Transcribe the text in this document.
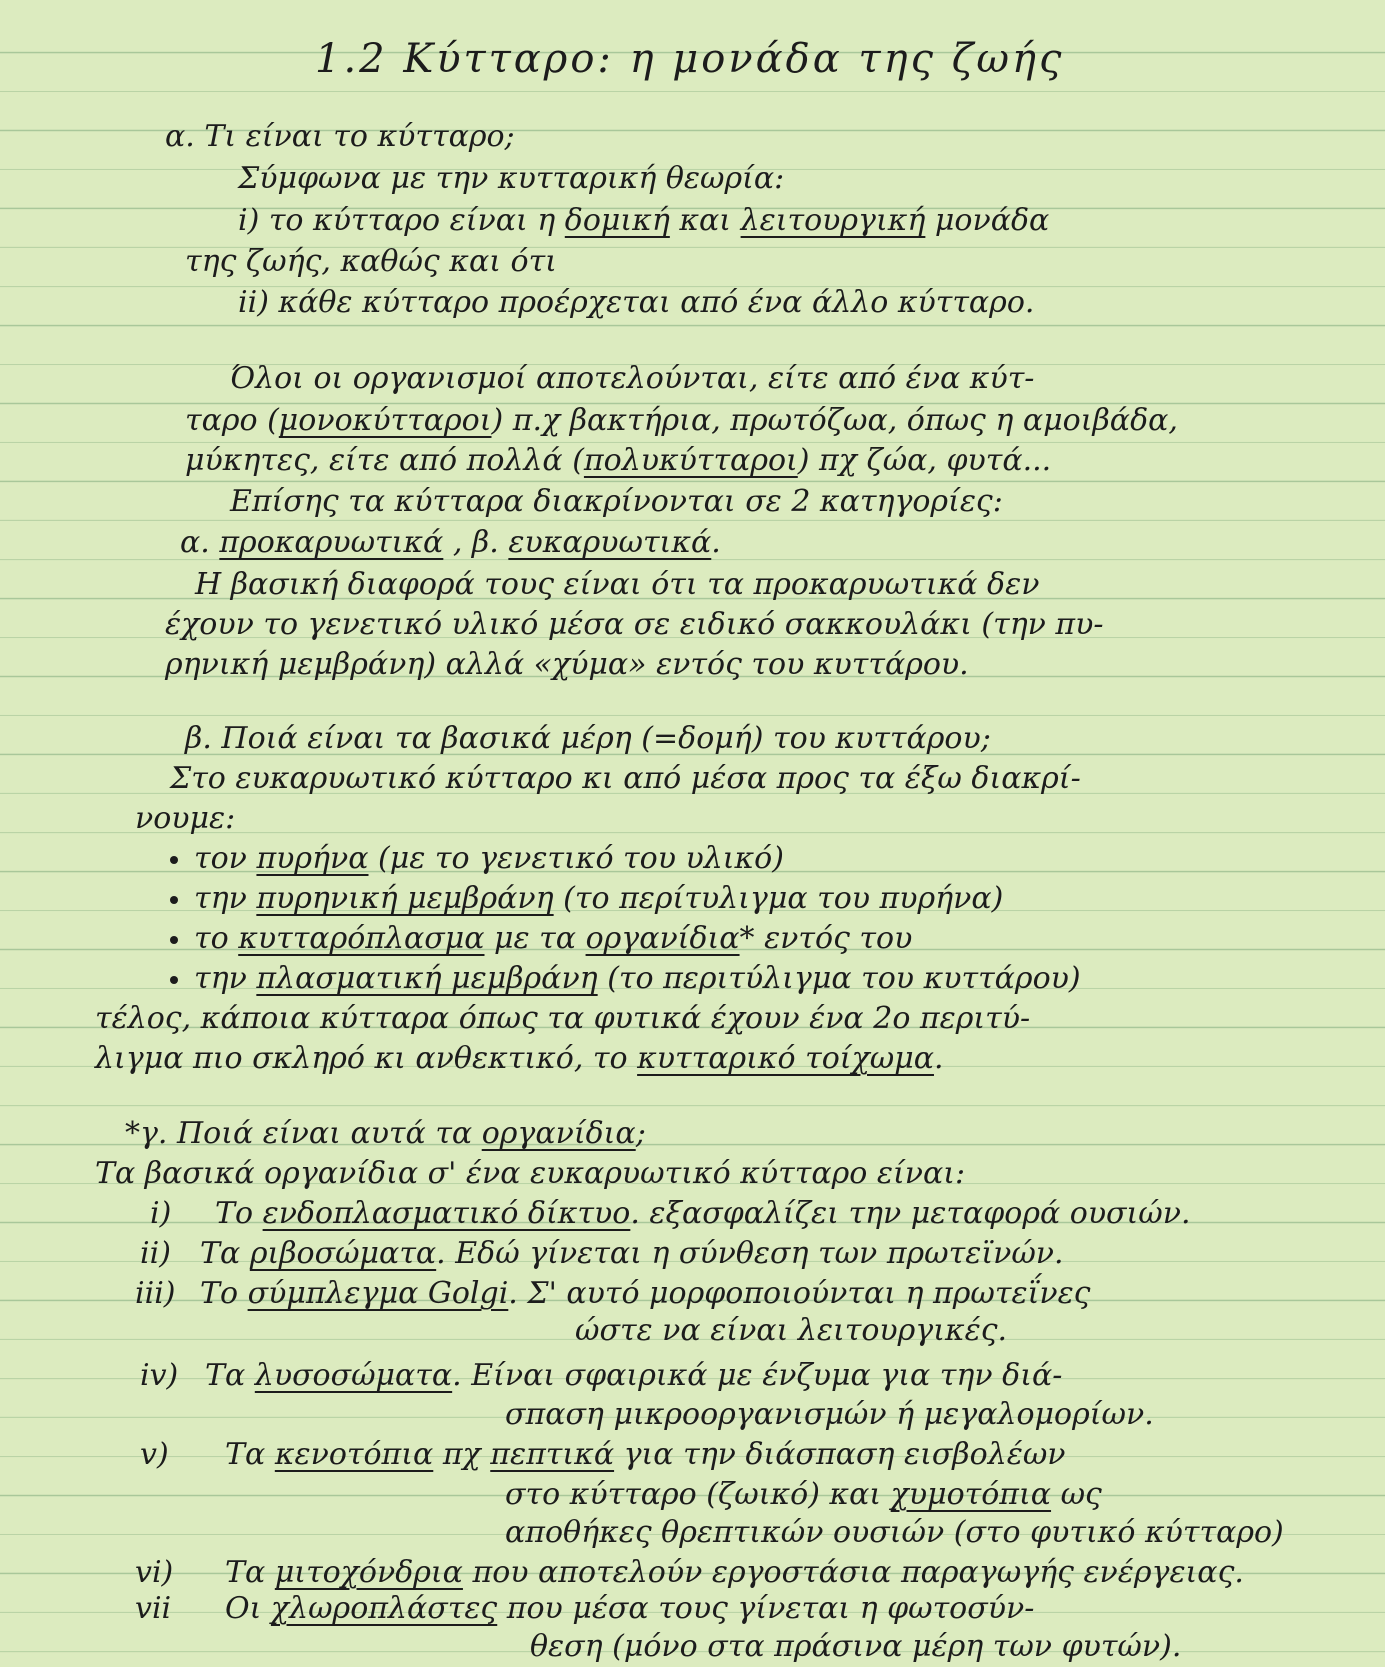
1.2 Κύτταρο: η μονάδα της ζωής
α. Τι είναι το κύτταρο;
Σύμφωνα με την κυτταρική θεωρία:
i) το κύτταρο είναι η δομική και λειτουργική μονάδα
της ζωής, καθώς και ότι
ii) κάθε κύτταρο προέρχεται από ένα άλλο κύτταρο.
Όλοι οι οργανισμοί αποτελούνται, είτε από ένα κύτ-
ταρο (μονοκύτταροι) π.χ βακτήρια, πρωτόζωα, όπως η αμοιβάδα,
μύκητες, είτε από πολλά (πολυκύτταροι) πχ ζώα, φυτά...
Επίσης τα κύτταρα διακρίνονται σε 2 κατηγορίες:
α. προκαρυωτικά , β. ευκαρυωτικά.
Η βασική διαφορά τους είναι ότι τα προκαρυωτικά δεν
έχουν το γενετικό υλικό μέσα σε ειδικό σακκουλάκι (την πυ-
ρηνική μεμβράνη) αλλά «χύμα» εντός του κυττάρου.
β. Ποιά είναι τα βασικά μέρη (=δομή) του κυττάρου;
Στο ευκαρυωτικό κύτταρο κι από μέσα προς τα έξω διακρί-
νουμε:
τον πυρήνα (με το γενετικό του υλικό)
την πυρηνική μεμβράνη (το περίτυλιγμα του πυρήνα)
το κυτταρόπλασμα με τα οργανίδια* εντός του
την πλασματική μεμβράνη (το περιτύλιγμα του κυττάρου)
τέλος, κάποια κύτταρα όπως τα φυτικά έχουν ένα 2ο περιτύ-
λιγμα πιο σκληρό κι ανθεκτικό, το κυτταρικό τοίχωμα.
*γ. Ποιά είναι αυτά τα οργανίδια;
Τα βασικά οργανίδια σ' ένα ευκαρυωτικό κύτταρο είναι:
i) Το ενδοπλασματικό δίκτυο. εξασφαλίζει την μεταφορά ουσιών.
ii) Τα ριβοσώματα. Εδώ γίνεται η σύνθεση των πρωτεϊνών.
iii) Το σύμπλεγμα Golgi. Σ' αυτό μορφοποιούνται η πρωτεΐνες
ώστε να είναι λειτουργικές.
iv) Τα λυσοσώματα. Είναι σφαιρικά με ένζυμα για την διά-
σπαση μικροοργανισμών ή μεγαλομορίων.
v) Τα κενοτόπια πχ πεπτικά για την διάσπαση εισβολέων
στο κύτταρο (ζωικό) και χυμοτόπια ως
αποθήκες θρεπτικών ουσιών (στο φυτικό κύτταρο)
vi) Τα μιτοχόνδρια που αποτελούν εργοστάσια παραγωγής ενέργειας.
vii Οι χλωροπλάστες που μέσα τους γίνεται η φωτοσύν-
θεση (μόνο στα πράσινα μέρη των φυτών).
